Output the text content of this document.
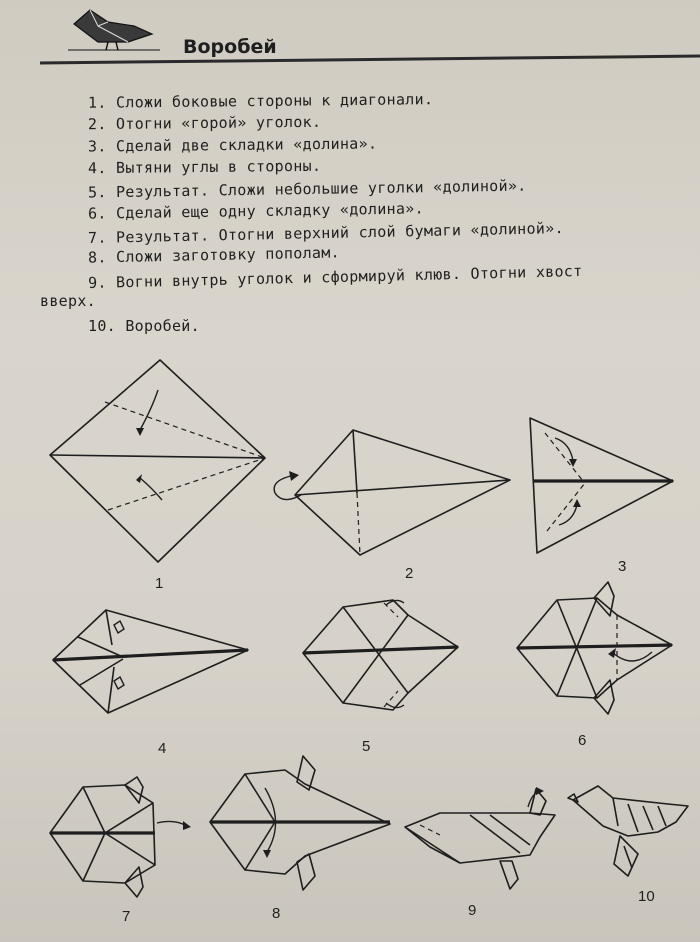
Воробей
1. Сложи боковые стороны к диагонали.
2. Отогни «горой» уголок.
3. Сделай две складки «долина».
4. Вытяни углы в стороны.
5. Результат. Сложи небольшие уголки «долиной».
6. Сделай еще одну складку «долина».
7. Результат. Отогни верхний слой бумаги «долиной».
8. Сложи заготовку пополам.
9. Вогни внутрь уголок и сформируй клюв. Отогни хвост
вверх.
10. Воробей.
1
2	3
4	5	6
7	8	9
10
